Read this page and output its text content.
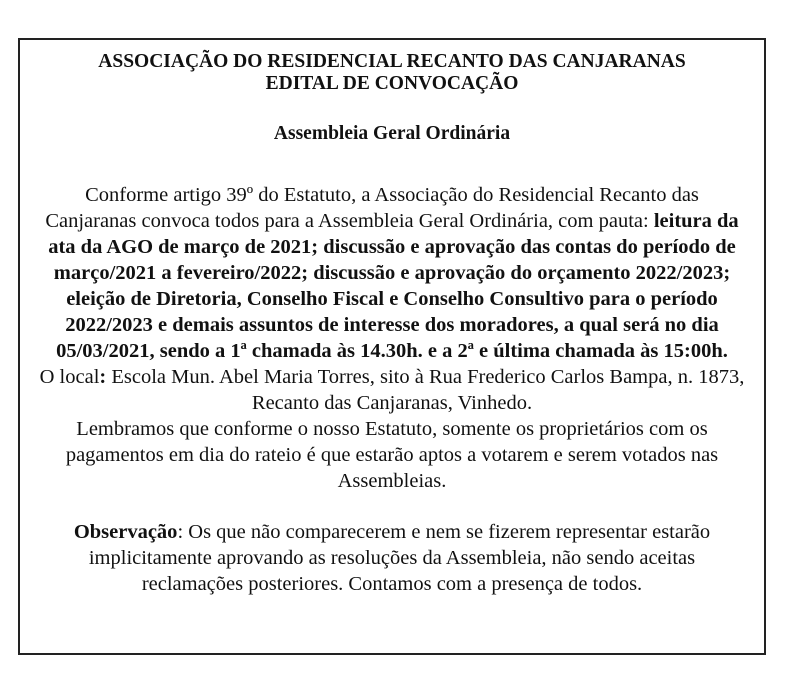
ASSOCIAÇÃO DO RESIDENCIAL RECANTO DAS CANJARANAS

EDITAL DE CONVOCAÇÃO

Assembleia Geral Ordinária

Conforme artigo 39º do Estatuto, a Associação do Residencial Recanto das Canjaranas convoca todos para a Assembleia Geral Ordinária, com pauta: leitura da ata da AGO de março de 2021; discussão e aprovação das contas do período de março/2021 a fevereiro/2022; discussão e aprovação do orçamento 2022/2023; eleição de Diretoria, Conselho Fiscal e Conselho Consultivo para o período 2022/2023 e demais assuntos de interesse dos moradores, a qual será no dia 05/03/2021, sendo a 1ª chamada às 14.30h. e a 2ª e última chamada às 15:00h.

O local: Escola Mun. Abel Maria Torres, sito à Rua Frederico Carlos Bampa, n. 1873, Recanto das Canjaranas, Vinhedo.

Lembramos que conforme o nosso Estatuto, somente os proprietários com os pagamentos em dia do rateio é que estarão aptos a votarem e serem votados nas Assembleias.

Observação: Os que não comparecerem e nem se fizerem representar estarão implicitamente aprovando as resoluções da Assembleia, não sendo aceitas reclamações posteriores. Contamos com a presença de todos.
